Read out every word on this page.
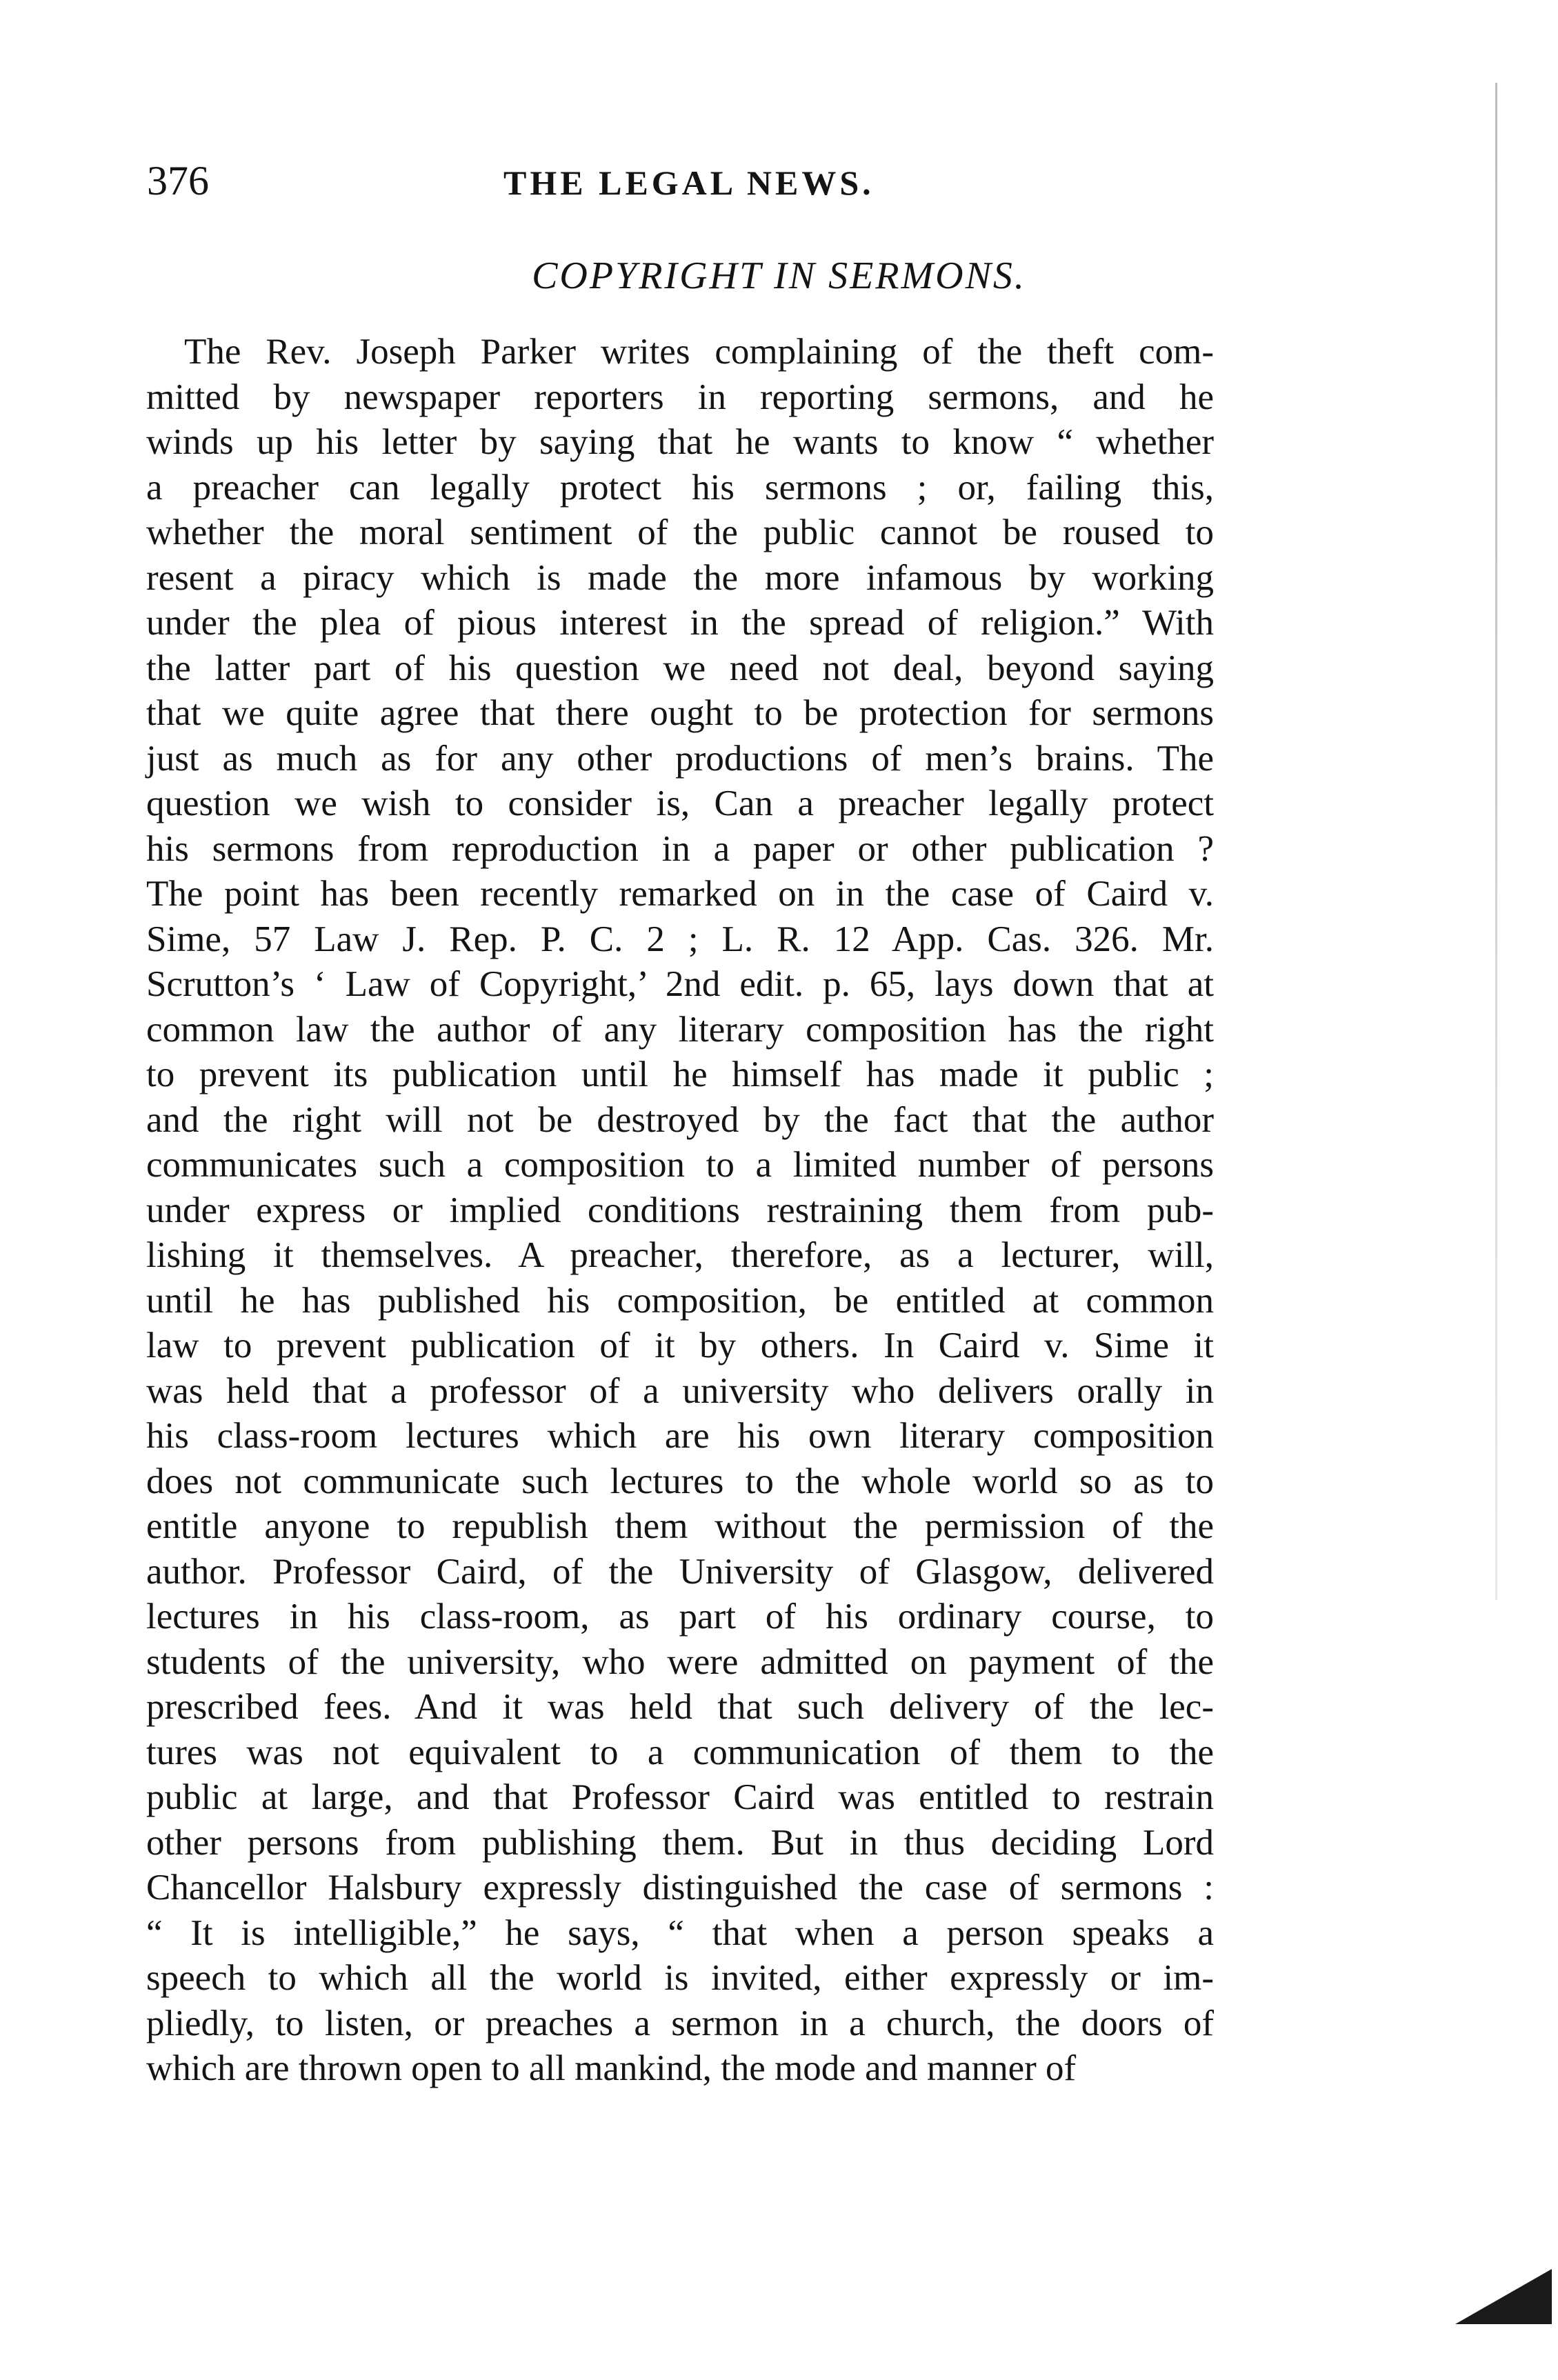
376	THE LEGAL NEWS.
COPYRIGHT IN SERMONS.
The Rev. Joseph Parker writes complaining of the theft com-
mitted by newspaper reporters in reporting sermons, and he
winds up his letter by saying that he wants to know “ whether
a preacher can legally protect his sermons ; or, failing this,
whether the moral sentiment of the public cannot be roused to
resent a piracy which is made the more infamous by working
under the plea of pious interest in the spread of religion.” With
the latter part of his question we need not deal, beyond saying
that we quite agree that there ought to be protection for sermons
just as much as for any other productions of men’s brains. The
question we wish to consider is, Can a preacher legally protect
his sermons from reproduction in a paper or other publication ?
The point has been recently remarked on in the case of Caird v.
Sime, 57 Law J. Rep. P. C. 2 ; L. R. 12 App. Cas. 326. Mr.
Scrutton’s ‘ Law of Copyright,’ 2nd edit. p. 65, lays down that at
common law the author of any literary composition has the right
to prevent its publication until he himself has made it public ;
and the right will not be destroyed by the fact that the author
communicates such a composition to a limited number of persons
under express or implied conditions restraining them from pub-
lishing it themselves. A preacher, therefore, as a lecturer, will,
until he has published his composition, be entitled at common
law to prevent publication of it by others. In Caird v. Sime it
was held that a professor of a university who delivers orally in
his class-room lectures which are his own literary composition
does not communicate such lectures to the whole world so as to
entitle anyone to republish them without the permission of the
author. Professor Caird, of the University of Glasgow, delivered
lectures in his class-room, as part of his ordinary course, to
students of the university, who were admitted on payment of the
prescribed fees. And it was held that such delivery of the lec-
tures was not equivalent to a communication of them to the
public at large, and that Professor Caird was entitled to restrain
other persons from publishing them. But in thus deciding Lord
Chancellor Halsbury expressly distinguished the case of sermons :
“ It is intelligible,” he says, “ that when a person speaks a
speech to which all the world is invited, either expressly or im-
pliedly, to listen, or preaches a sermon in a church, the doors of
which are thrown open to all mankind, the mode and manner of
